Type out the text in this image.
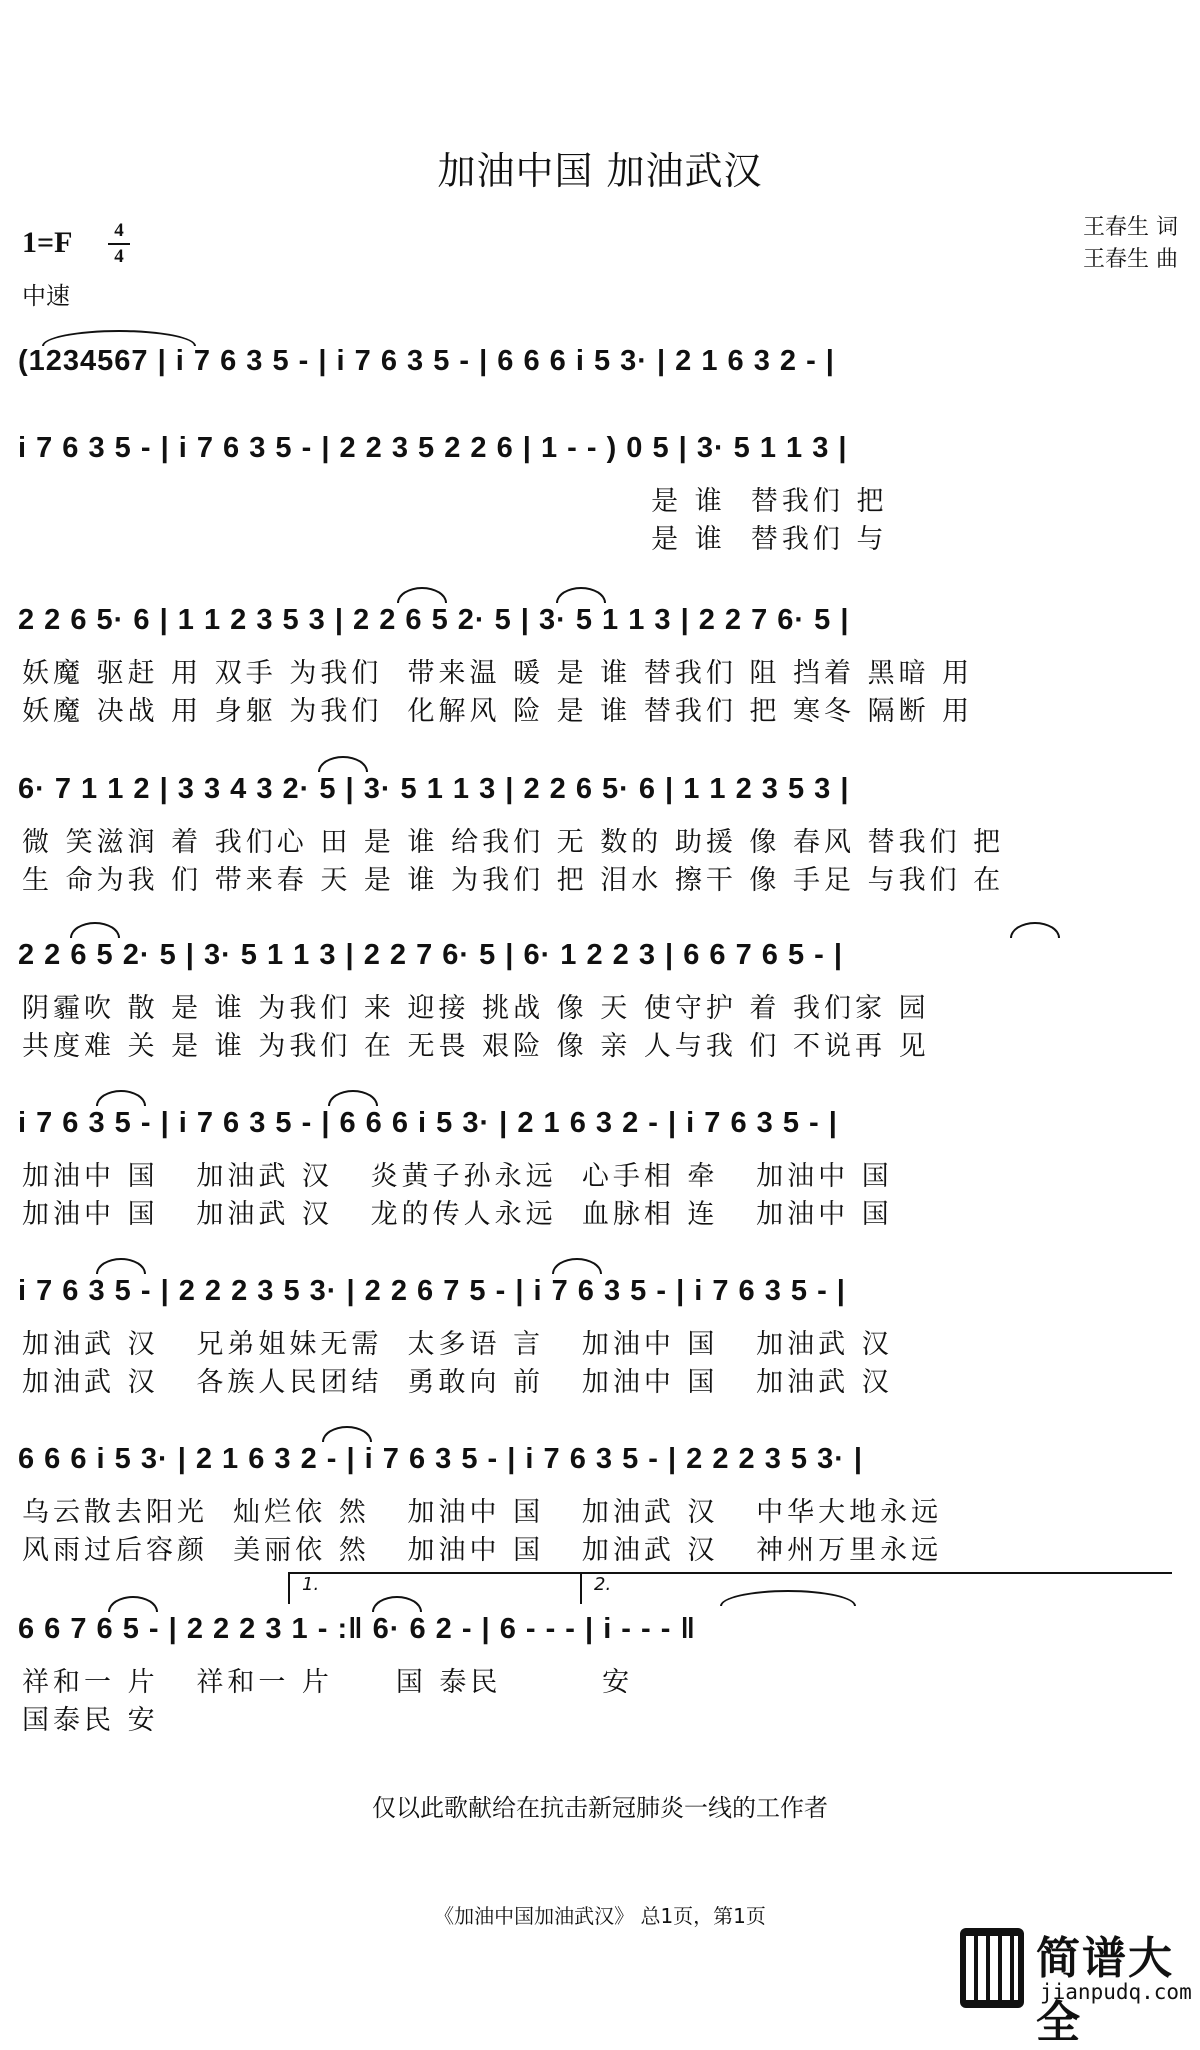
加油中国 加油武汉
1=F	4
4
中速
王春生 词
王春生 曲
(1234567 | i 7 6 3 5 - | i 7 6 3 5 - | 6 6 6 i 5 3· | 2 1 6 3 2 - |
i 7 6 3 5 - | i 7 6 3 5 - | 2 2 3 5 2 2 6 | 1 - - ) 0 5 | 3· 5 1 1 3 |
是 谁  替我们 把
是 谁  替我们 与
2 2 6 5· 6 | 1 1 2 3 5 3 | 2 2 6 5 2· 5 | 3· 5 1 1 3 | 2 2 7 6· 5 |
妖魔 驱赶 用 双手 为我们  带来温 暖 是 谁 替我们 阻 挡着 黑暗 用
妖魔 决战 用 身躯 为我们  化解风 险 是 谁 替我们 把 寒冬 隔断 用
6· 7 1 1 2 | 3 3 4 3 2· 5 | 3· 5 1 1 3 | 2 2 6 5· 6 | 1 1 2 3 5 3 |
微 笑滋润 着 我们心 田 是 谁 给我们 无 数的 助援 像 春风 替我们 把
生 命为我 们 带来春 天 是 谁 为我们 把 泪水 擦干 像 手足 与我们 在
2 2 6 5 2· 5 | 3· 5 1 1 3 | 2 2 7 6· 5 | 6· 1 2 2 3 | 6 6 7 6 5 - |
阴霾吹 散 是 谁 为我们 来 迎接 挑战 像 天 使守护 着 我们家 园
共度难 关 是 谁 为我们 在 无畏 艰险 像 亲 人与我 们 不说再 见
i 7 6 3 5 - | i 7 6 3 5 - | 6 6 6 i 5 3· | 2 1 6 3 2 - | i 7 6 3 5 - |
加油中 国   加油武 汉   炎黄子孙永远  心手相 牵   加油中 国
加油中 国   加油武 汉   龙的传人永远  血脉相 连   加油中 国
i 7 6 3 5 - | 2 2 2 3 5 3· | 2 2 6 7 5 - | i 7 6 3 5 - | i 7 6 3 5 - |
加油武 汉   兄弟姐妹无需  太多语 言   加油中 国   加油武 汉
加油武 汉   各族人民团结  勇敢向 前   加油中 国   加油武 汉
6 6 6 i 5 3· | 2 1 6 3 2 - | i 7 6 3 5 - | i 7 6 3 5 - | 2 2 2 3 5 3· |
乌云散去阳光  灿烂依 然   加油中 国   加油武 汉   中华大地永远
风雨过后容颜  美丽依 然   加油中 国   加油武 汉   神州万里永远
1.	2.
6 6 7 6 5 - | 2 2 2 3 1 - :‖ 6· 6 2 - | 6 - - - | i - - - ‖
祥和一 片   祥和一 片     国 泰民        安
国泰民 安
仅以此歌献给在抗击新冠肺炎一线的工作者
《加油中国加油武汉》 总1页，第1页
简谱大全
jianpudq.com
